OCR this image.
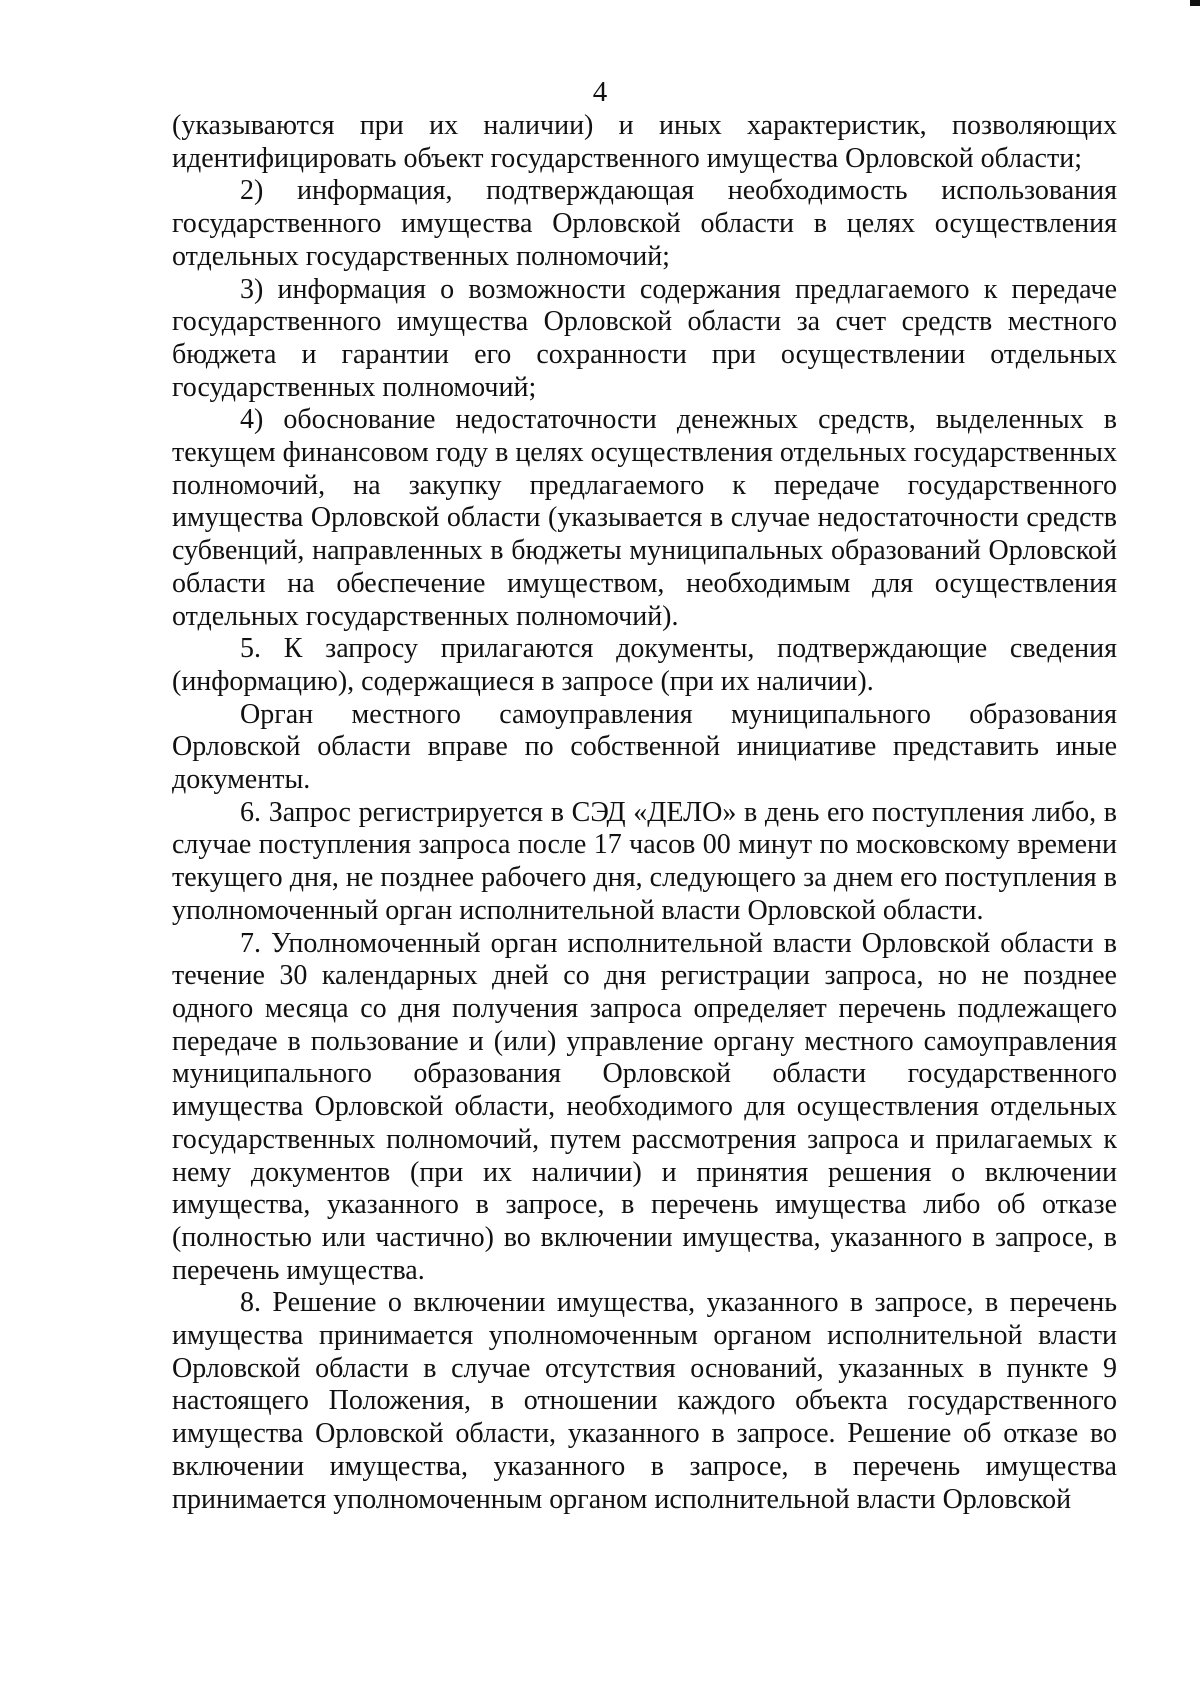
4

(указываются при их наличии) и иных характеристик, позволяющих идентифицировать объект государственного имущества Орловской области;

2) информация, подтверждающая необходимость использования государственного имущества Орловской области в целях осуществления отдельных государственных полномочий;

3) информация о возможности содержания предлагаемого к передаче государственного имущества Орловской области за счет средств местного бюджета и гарантии его сохранности при осуществлении отдельных государственных полномочий;

4) обоснование недостаточности денежных средств, выделенных в текущем финансовом году в целях осуществления отдельных государственных полномочий, на закупку предлагаемого к передаче государственного имущества Орловской области (указывается в случае недостаточности средств субвенций, направленных в бюджеты муниципальных образований Орловской области на обеспечение имуществом, необходимым для осуществления отдельных государственных полномочий).

5. К запросу прилагаются документы, подтверждающие сведения (информацию), содержащиеся в запросе (при их наличии).

Орган местного самоуправления муниципального образования Орловской области вправе по собственной инициативе представить иные документы.

6. Запрос регистрируется в СЭД «ДЕЛО» в день его поступления либо, в случае поступления запроса после 17 часов 00 минут по московскому времени текущего дня, не позднее рабочего дня, следующего за днем его поступления в уполномоченный орган исполнительной власти Орловской области.

7. Уполномоченный орган исполнительной власти Орловской области в течение 30 календарных дней со дня регистрации запроса, но не позднее одного месяца со дня получения запроса определяет перечень подлежащего передаче в пользование и (или) управление органу местного самоуправления муниципального образования Орловской области государственного имущества Орловской области, необходимого для осуществления отдельных государственных полномочий, путем рассмотрения запроса и прилагаемых к нему документов (при их наличии) и принятия решения о включении имущества, указанного в запросе, в перечень имущества либо об отказе (полностью или частично) во включении имущества, указанного в запросе, в перечень имущества.

8. Решение о включении имущества, указанного в запросе, в перечень имущества принимается уполномоченным органом исполнительной власти Орловской области в случае отсутствия оснований, указанных в пункте 9 настоящего Положения, в отношении каждого объекта государственного имущества Орловской области, указанного в запросе. Решение об отказе во включении имущества, указанного в запросе, в перечень имущества принимается уполномоченным органом исполнительной власти Орловской
